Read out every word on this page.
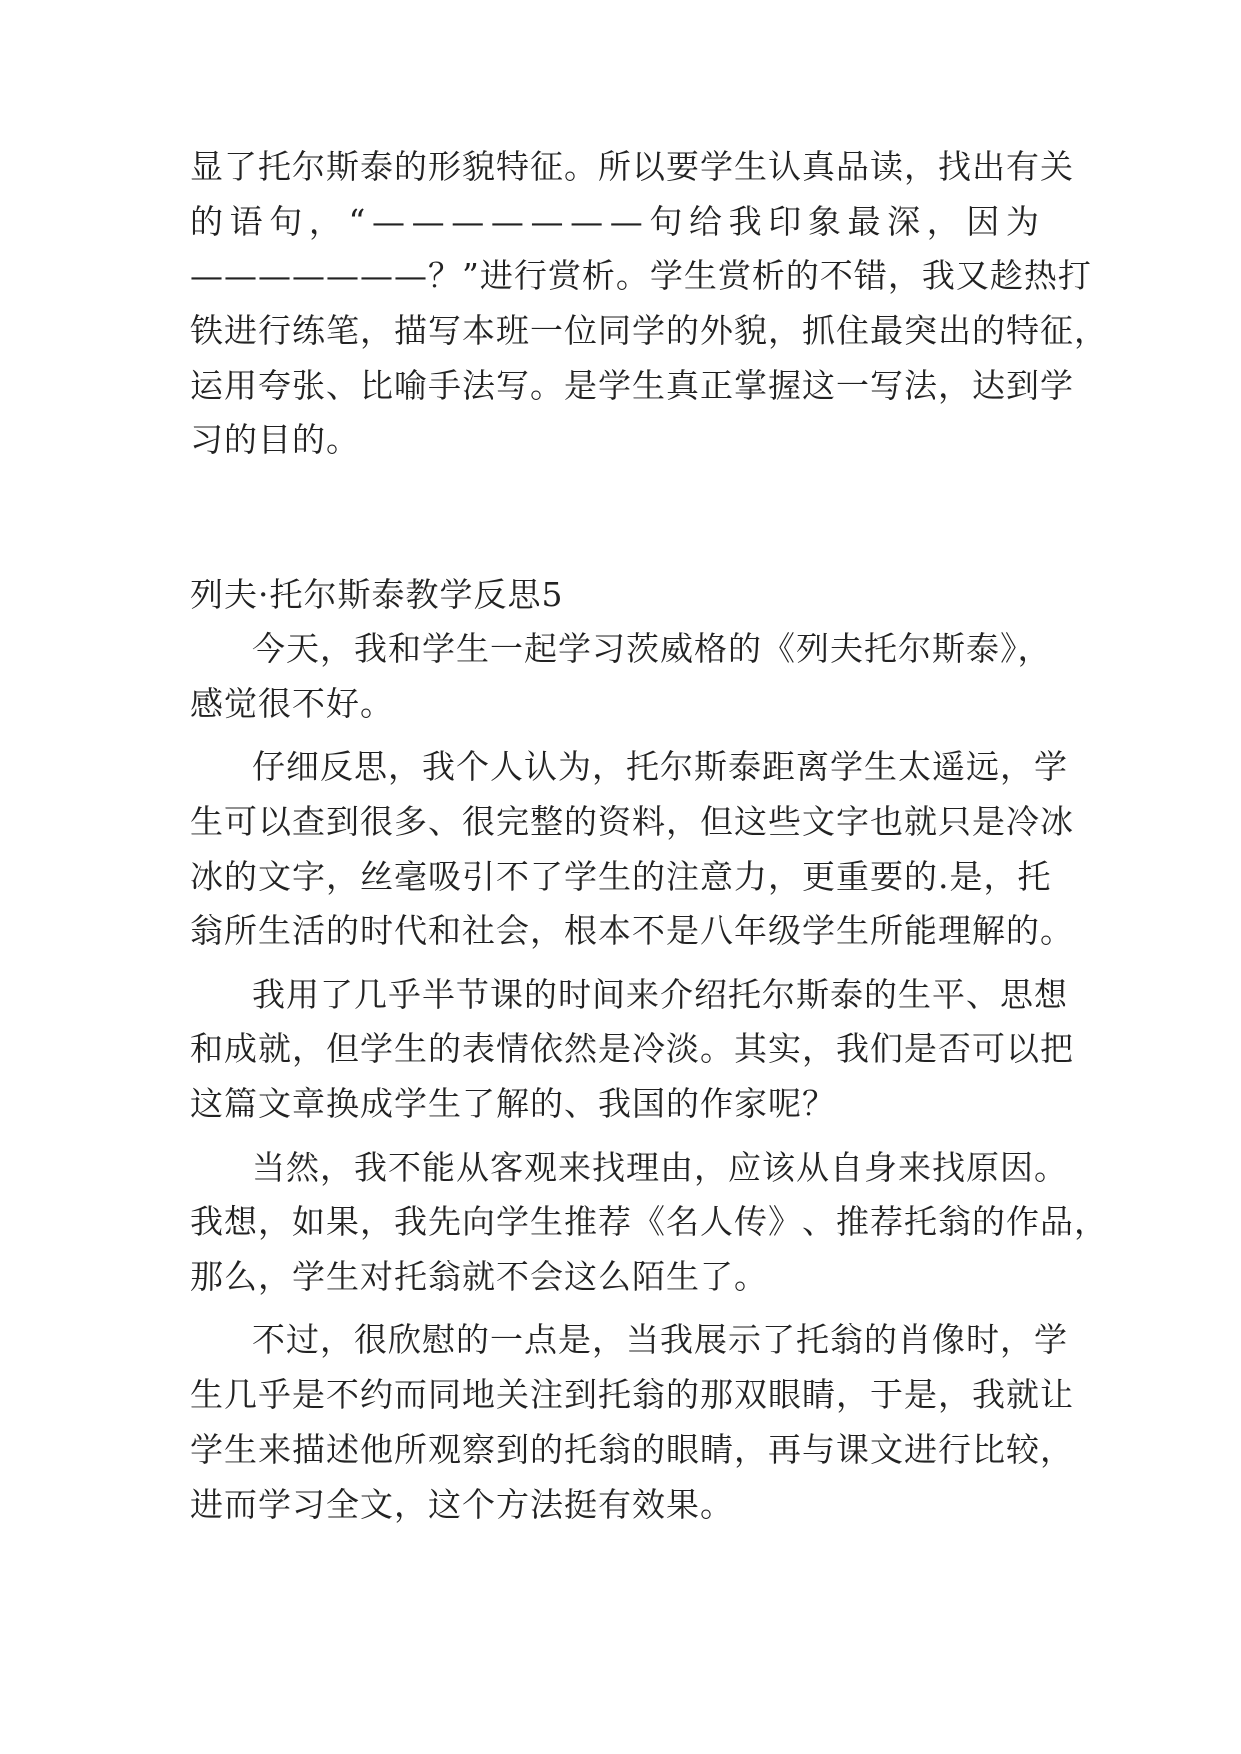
显 了 托 尔 斯 泰 的 形 貌 特 征 。 所 以 要 学 生 认 真 品 读 ， 找 出 有 关
的 语 句 ， “ — — — — — — — 句 给 我 印 象 最 深 ， 因 为
— — — — — — — ？ ” 进 行 赏 析 。 学 生 赏 析 的 不 错 ， 我 又 趁 热 打
铁 进 行 练 笔 ， 描 写 本 班 一 位 同 学 的 外 貌 ， 抓 住 最 突 出 的 特 征 ，
运 用 夸 张 、 比 喻 手 法 写 。 是 学 生 真 正 掌 握 这 一 写 法 ， 达 到 学
习的目的。
列夫·托尔斯泰教学反思5
今天，我和学生一起学习茨威格的《列夫托尔斯泰》，
感觉很不好。
仔细反思，我个人认为，托尔斯泰距离学生太遥远，学
生 可 以 查 到 很 多 、 很 完 整 的 资 料 ， 但 这 些 文 字 也 就 只 是 冷 冰
冰 的 文 字 ， 丝 毫 吸 引 不 了 学 生 的 注 意 力 ， 更 重 要 的 . 是 ， 托
翁 所 生 活 的 时 代 和 社 会 ， 根 本 不 是 八 年 级 学 生 所 能 理 解 的 。
我用了几乎半节课的时间来介绍托尔斯泰的生平、思想
和 成 就 ， 但 学 生 的 表 情 依 然 是 冷 淡 。 其 实 ， 我 们 是 否 可 以 把
这篇文章换成学生了解的、我国的作家呢？
当然，我不能从客观来找理由，应该从自身来找原因。
我 想 ， 如 果 ， 我 先 向 学 生 推 荐 《 名 人 传 》 、 推 荐 托 翁 的 作 品 ，
那么，学生对托翁就不会这么陌生了。
不过，很欣慰的一点是，当我展示了托翁的肖像时，学
生 几 乎 是 不 约 而 同 地 关 注 到 托 翁 的 那 双 眼 睛 ， 于 是 ， 我 就 让
学 生 来 描 述 他 所 观 察 到 的 托 翁 的 眼 睛 ， 再 与 课 文 进 行 比 较 ，
进而学习全文，这个方法挺有效果。
